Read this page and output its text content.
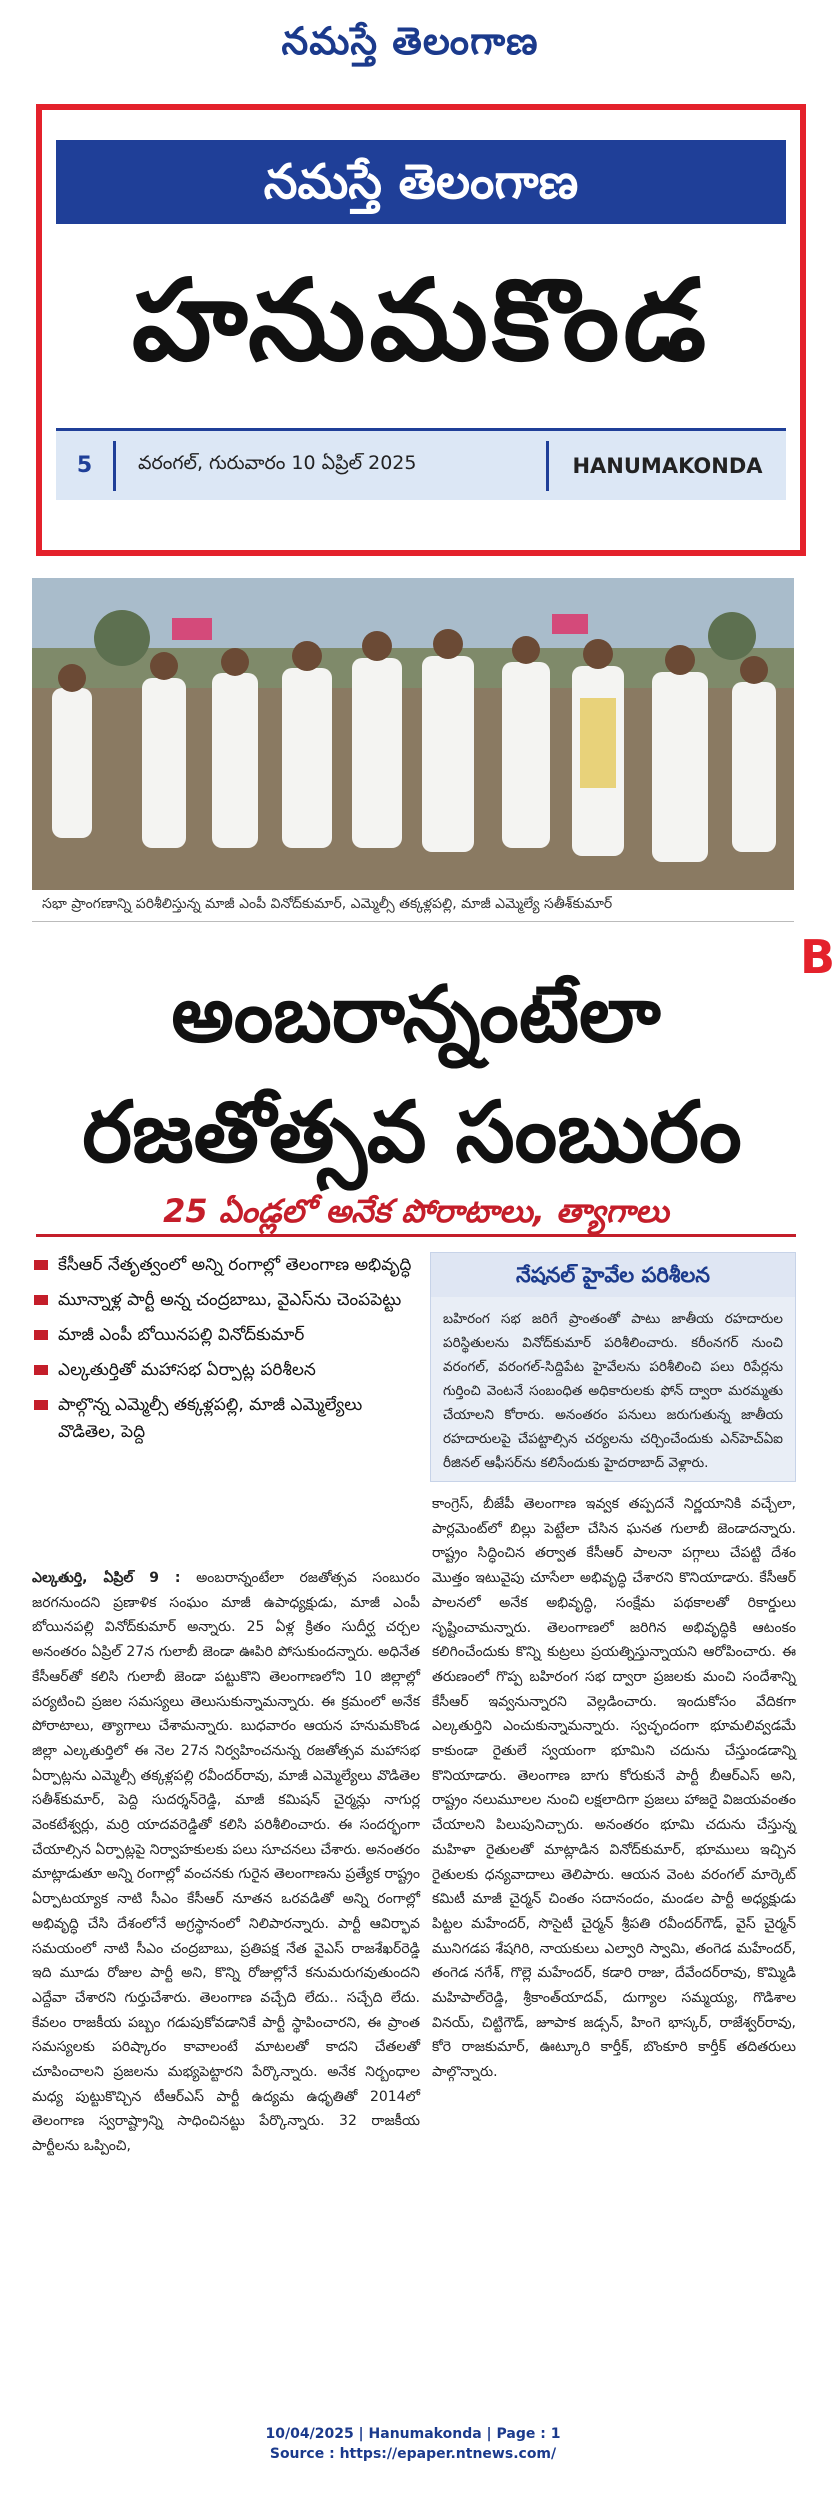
నమస్తే తెలంగాణ
నమస్తే తెలంగాణ
హనుమకొండ
5	వరంగల్, గురువారం 10 ఏప్రిల్ 2025	HANUMAKONDA
సభా ప్రాంగణాన్ని పరిశీలిస్తున్న మాజీ ఎంపీ వినోద్‌కుమార్, ఎమ్మెల్సీ తక్కళ్లపల్లి, మాజీ ఎమ్మెల్యే సతీశ్‌కుమార్
B
అంబరాన్నంటేలా
రజతోత్సవ సంబురం
25 ఏండ్లలో అనేక పోరాటాలు, త్యాగాలు
కేసీఆర్ నేతృత్వంలో అన్ని రంగాల్లో తెలంగాణ అభివృద్ధి
మూన్నాళ్ల పార్టీ అన్న చంద్రబాబు, వైఎస్‌ను చెంపపెట్టు
మాజీ ఎంపీ బోయినపల్లి వినోద్‌కుమార్
ఎల్కతుర్తితో మహాసభ ఏర్పాట్ల పరిశీలన
పాల్గొన్న ఎమ్మెల్సీ తక్కళ్లపల్లి, మాజీ ఎమ్మెల్యేలు వొడితెల, పెద్ది
నేషనల్ హైవేల పరిశీలన
బహిరంగ సభ జరిగే ప్రాంతంతో పాటు జాతీయ రహదారుల పరిస్థితులను వినోద్‌కుమార్ పరిశీలించారు. కరీంనగర్ నుంచి వరంగల్, వరంగల్-సిద్దిపేట హైవేలను పరిశీలించి పలు రిపేర్లను గుర్తించి వెంటనే సంబంధిత అధికారులకు ఫోన్ ద్వారా మరమ్మతు చేయాలని కోరారు. అనంతరం పనులు జరుగుతున్న జాతీయ రహదారులపై చేపట్టాల్సిన చర్యలను చర్చించేందుకు ఎన్‌హెచ్ఏఐ రీజినల్ ఆఫీసర్‌ను కలిసేందుకు హైదరాబాద్ వెళ్లారు.
ఎల్కతుర్తి, ఏప్రిల్ 9 : అంబరాన్నంటేలా రజతోత్సవ సంబురం జరగనుందని ప్రణాళిక సంఘం మాజీ ఉపాధ్యక్షుడు, మాజీ ఎంపీ బోయినపల్లి వినోద్‌కుమార్ అన్నారు. 25 ఏళ్ల క్రితం సుదీర్ఘ చర్చల అనంతరం ఏప్రిల్ 27న గులాబీ జెండా ఊపిరి పోసుకుందన్నారు. అధినేత కేసీఆర్‌తో కలిసి గులాబీ జెండా పట్టుకొని తెలంగాణలోని 10 జిల్లాల్లో పర్యటించి ప్రజల సమస్యలు తెలుసుకున్నామన్నారు. ఈ క్రమంలో అనేక పోరాటాలు, త్యాగాలు చేశామన్నారు. బుధవారం ఆయన హనుమకొండ జిల్లా ఎల్కతుర్తిలో ఈ నెల 27న నిర్వహించనున్న రజతోత్సవ మహాసభ ఏర్పాట్లను ఎమ్మెల్సీ తక్కళ్లపల్లి రవీందర్‌రావు, మాజీ ఎమ్మెల్యేలు వొడితెల సతీశ్‌కుమార్, పెద్ది సుదర్శన్‌రెడ్డి, మాజీ కమిషన్ చైర్మన్లు నాగుర్ల వెంకటేశ్వర్లు, మర్రి యాదవరెడ్డితో కలిసి పరిశీలించారు. ఈ సందర్భంగా చేయాల్సిన ఏర్పాట్లపై నిర్వాహకులకు పలు సూచనలు చేశారు. అనంతరం మాట్లాడుతూ అన్ని రంగాల్లో వంచనకు గురైన తెలంగాణను ప్రత్యేక రాష్ట్రం ఏర్పాటయ్యాక నాటి సీఎం కేసీఆర్ నూతన ఒరవడితో అన్ని రంగాల్లో అభివృద్ధి చేసి దేశంలోనే అగ్రస్థానంలో నిలిపారన్నారు. పార్టీ ఆవిర్భావ సమయంలో నాటి సీఎం చంద్రబాబు, ప్రతిపక్ష నేత వైఎస్ రాజశేఖర్‌రెడ్డి ఇది మూడు రోజుల పార్టీ అని, కొన్ని రోజుల్లోనే కనుమరుగవుతుందని ఎద్దేవా చేశారని గుర్తుచేశారు. తెలంగాణ వచ్చేది లేదు.. సచ్చేది లేదు. కేవలం రాజకీయ పబ్బం గడుపుకోవడానికే పార్టీ స్థాపించారని, ఈ ప్రాంత సమస్యలకు పరిష్కారం కావాలంటే మాటలతో కాదని చేతలతో చూపించాలని ప్రజలను మభ్యపెట్టారని పేర్కొన్నారు. అనేక నిర్బంధాల మధ్య పుట్టుకొచ్చిన టీఆర్ఎస్ పార్టీ ఉద్యమ ఉధృతితో 2014లో తెలంగాణ స్వరాష్ట్రాన్ని సాధించినట్టు పేర్కొన్నారు. 32 రాజకీయ పార్టీలను ఒప్పించి,
కాంగ్రెస్, బీజేపీ తెలంగాణ ఇవ్వక తప్పదనే నిర్ణయానికి వచ్చేలా, పార్లమెంట్‌లో బిల్లు పెట్టేలా చేసిన ఘనత గులాబీ జెండాదన్నారు. రాష్ట్రం సిద్ధించిన తర్వాత కేసీఆర్ పాలనా పగ్గాలు చేపట్టి దేశం మొత్తం ఇటువైపు చూసేలా అభివృద్ధి చేశారని కొనియాడారు. కేసీఆర్ పాలనలో అనేక అభివృద్ధి, సంక్షేమ పథకాలతో రికార్డులు సృష్టించామన్నారు. తెలంగాణలో జరిగిన అభివృద్ధికి ఆటంకం కలిగించేందుకు కొన్ని కుట్రలు ప్రయత్నిస్తున్నాయని ఆరోపించారు. ఈ తరుణంలో గొప్ప బహిరంగ సభ ద్వారా ప్రజలకు మంచి సందేశాన్ని కేసీఆర్ ఇవ్వనున్నారని వెల్లడించారు. ఇందుకోసం వేదికగా ఎల్కతుర్తిని ఎంచుకున్నామన్నారు. స్వచ్ఛందంగా భూమలివ్వడమే కాకుండా రైతులే స్వయంగా భూమిని చదును చేస్తుండడాన్ని కొనియాడారు. తెలంగాణ బాగు కోరుకునే పార్టీ బీఆర్ఎస్ అని, రాష్ట్రం నలుమూలల నుంచి లక్షలాదిగా ప్రజలు హాజరై విజయవంతం చేయాలని పిలుపునిచ్చారు. అనంతరం భూమి చదును చేస్తున్న మహిళా రైతులతో మాట్లాడిన వినోద్‌కుమార్, భూములు ఇచ్చిన రైతులకు ధన్యవాదాలు తెలిపారు. ఆయన వెంట వరంగల్ మార్కెట్ కమిటీ మాజీ చైర్మన్ చింతం సదానందం, మండల పార్టీ అధ్యక్షుడు పిట్టల మహేందర్, సొసైటీ చైర్మన్ శ్రీపతి రవీందర్‌గౌడ్, వైస్ చైర్మన్ మునిగడప శేషగిరి, నాయకులు ఎల్వారి స్వామి, తంగెడ మహేందర్, తంగెడ నగేశ్, గొల్లె మహేందర్, కడారి రాజు, దేవేందర్‌రావు, కొమ్మిడి మహిపాల్‌రెడ్డి, శ్రీకాంత్‌యాదవ్, దుగ్యాల సమ్మయ్య, గొడిశాల వినయ్, చిట్టిగౌడ్, జూపాక జడ్సన్, హింగె భాస్కర్, రాజేశ్వర్‌రావు, కోరె రాజకుమార్, ఊట్కూరి కార్తీక్, బొంకూరి కార్తీక్ తదితరులు పాల్గొన్నారు.
10/04/2025 | Hanumakonda | Page : 1
Source : https://epaper.ntnews.com/
